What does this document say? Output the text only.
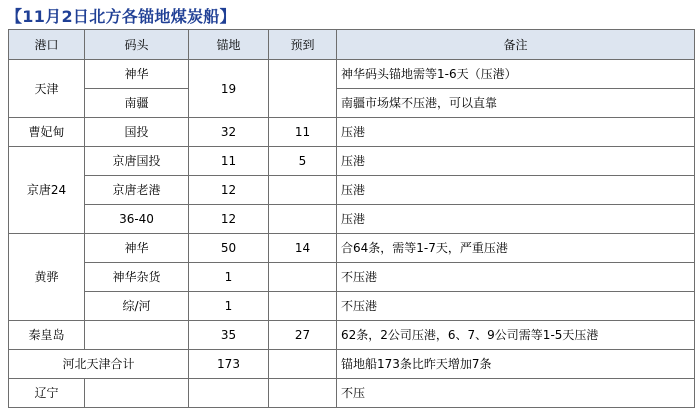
【11月2日北方各锚地煤炭船】
港口	码头	锚地	预到	备注
天津	神华	19		神华码头锚地需等1-6天（压港）
	南疆			南疆市场煤不压港，可以直靠
曹妃甸	国投	32	11	压港
京唐24	京唐国投	11	5	压港
	京唐老港	12		压港
	36-40	12		压港
黄骅	神华	50	14	合64条，需等1-7天，严重压港
	神华杂货	1		不压港
	综/河	1		不压港
秦皇岛		35	27	62条，2公司压港，6、7、9公司需等1-5天压港
河北天津合计		173		锚地船173条比昨天增加7条
辽宁				不压
